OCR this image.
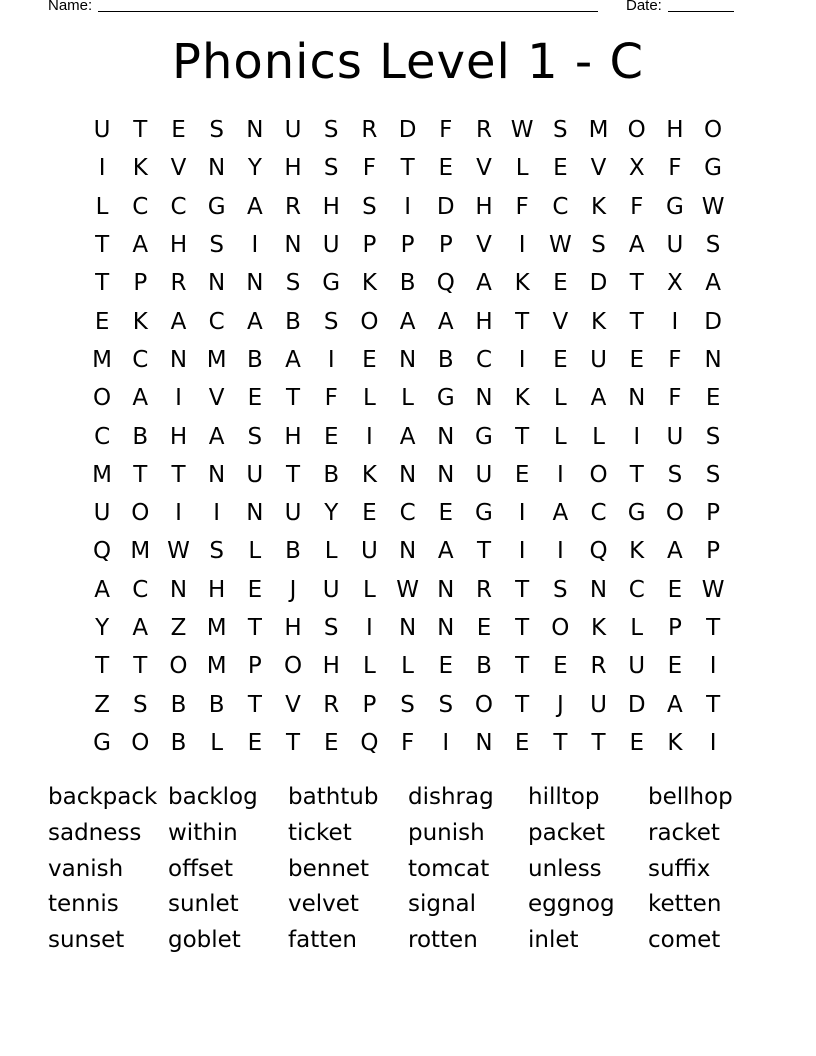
Name:	Date:
Phonics Level 1 - C
U T	E	S N U S R D F	R W S M O H O
I	K V N Y H S	F	T	E	V	L	E	V X	F G
L	C C G A R H S	I	D H F	C K	F G W
T	A H S	I	N U P	P	P	V	I	W S	A U S
T	P	R N N S G K B Q A K	E D T	X A
E	K A C A B S O A A H T	V K	T	I	D
M C N M B A	I	E N B C	I	E U E	F N
O A	I	V	E	T	F	L	L G N K	L	A N F	E
C B H A	S H E	I	A N G T	L	L	I	U S
M T	T N U T	B K N N U E	I	O T	S	S
U O	I	I	N U Y	E C E G	I	A C G O P
Q M W S	L	B	L	U N A	T	I	I	Q K A	P
A C N H E	J	U	L W N R	T	S N C E W
Y	A Z M T H S	I	N N E	T O K	L	P	T
T	T O M P O H	L	L	E	B	T	E R U E	I
Z	S	B B	T	V R	P	S	S O T	J	U D A	T
G O B	L	E	T	E Q F	I	N E	T	T	E	K	I
backpack backlog	bathtub	dishrag	hilltop	bellhop
sadness	within	ticket	punish	packet	racket
vanish	offset	bennet	tomcat	unless	suffix
tennis	sunlet	velvet	signal	eggnog	ketten
sunset	goblet	fatten	rotten	inlet	comet
